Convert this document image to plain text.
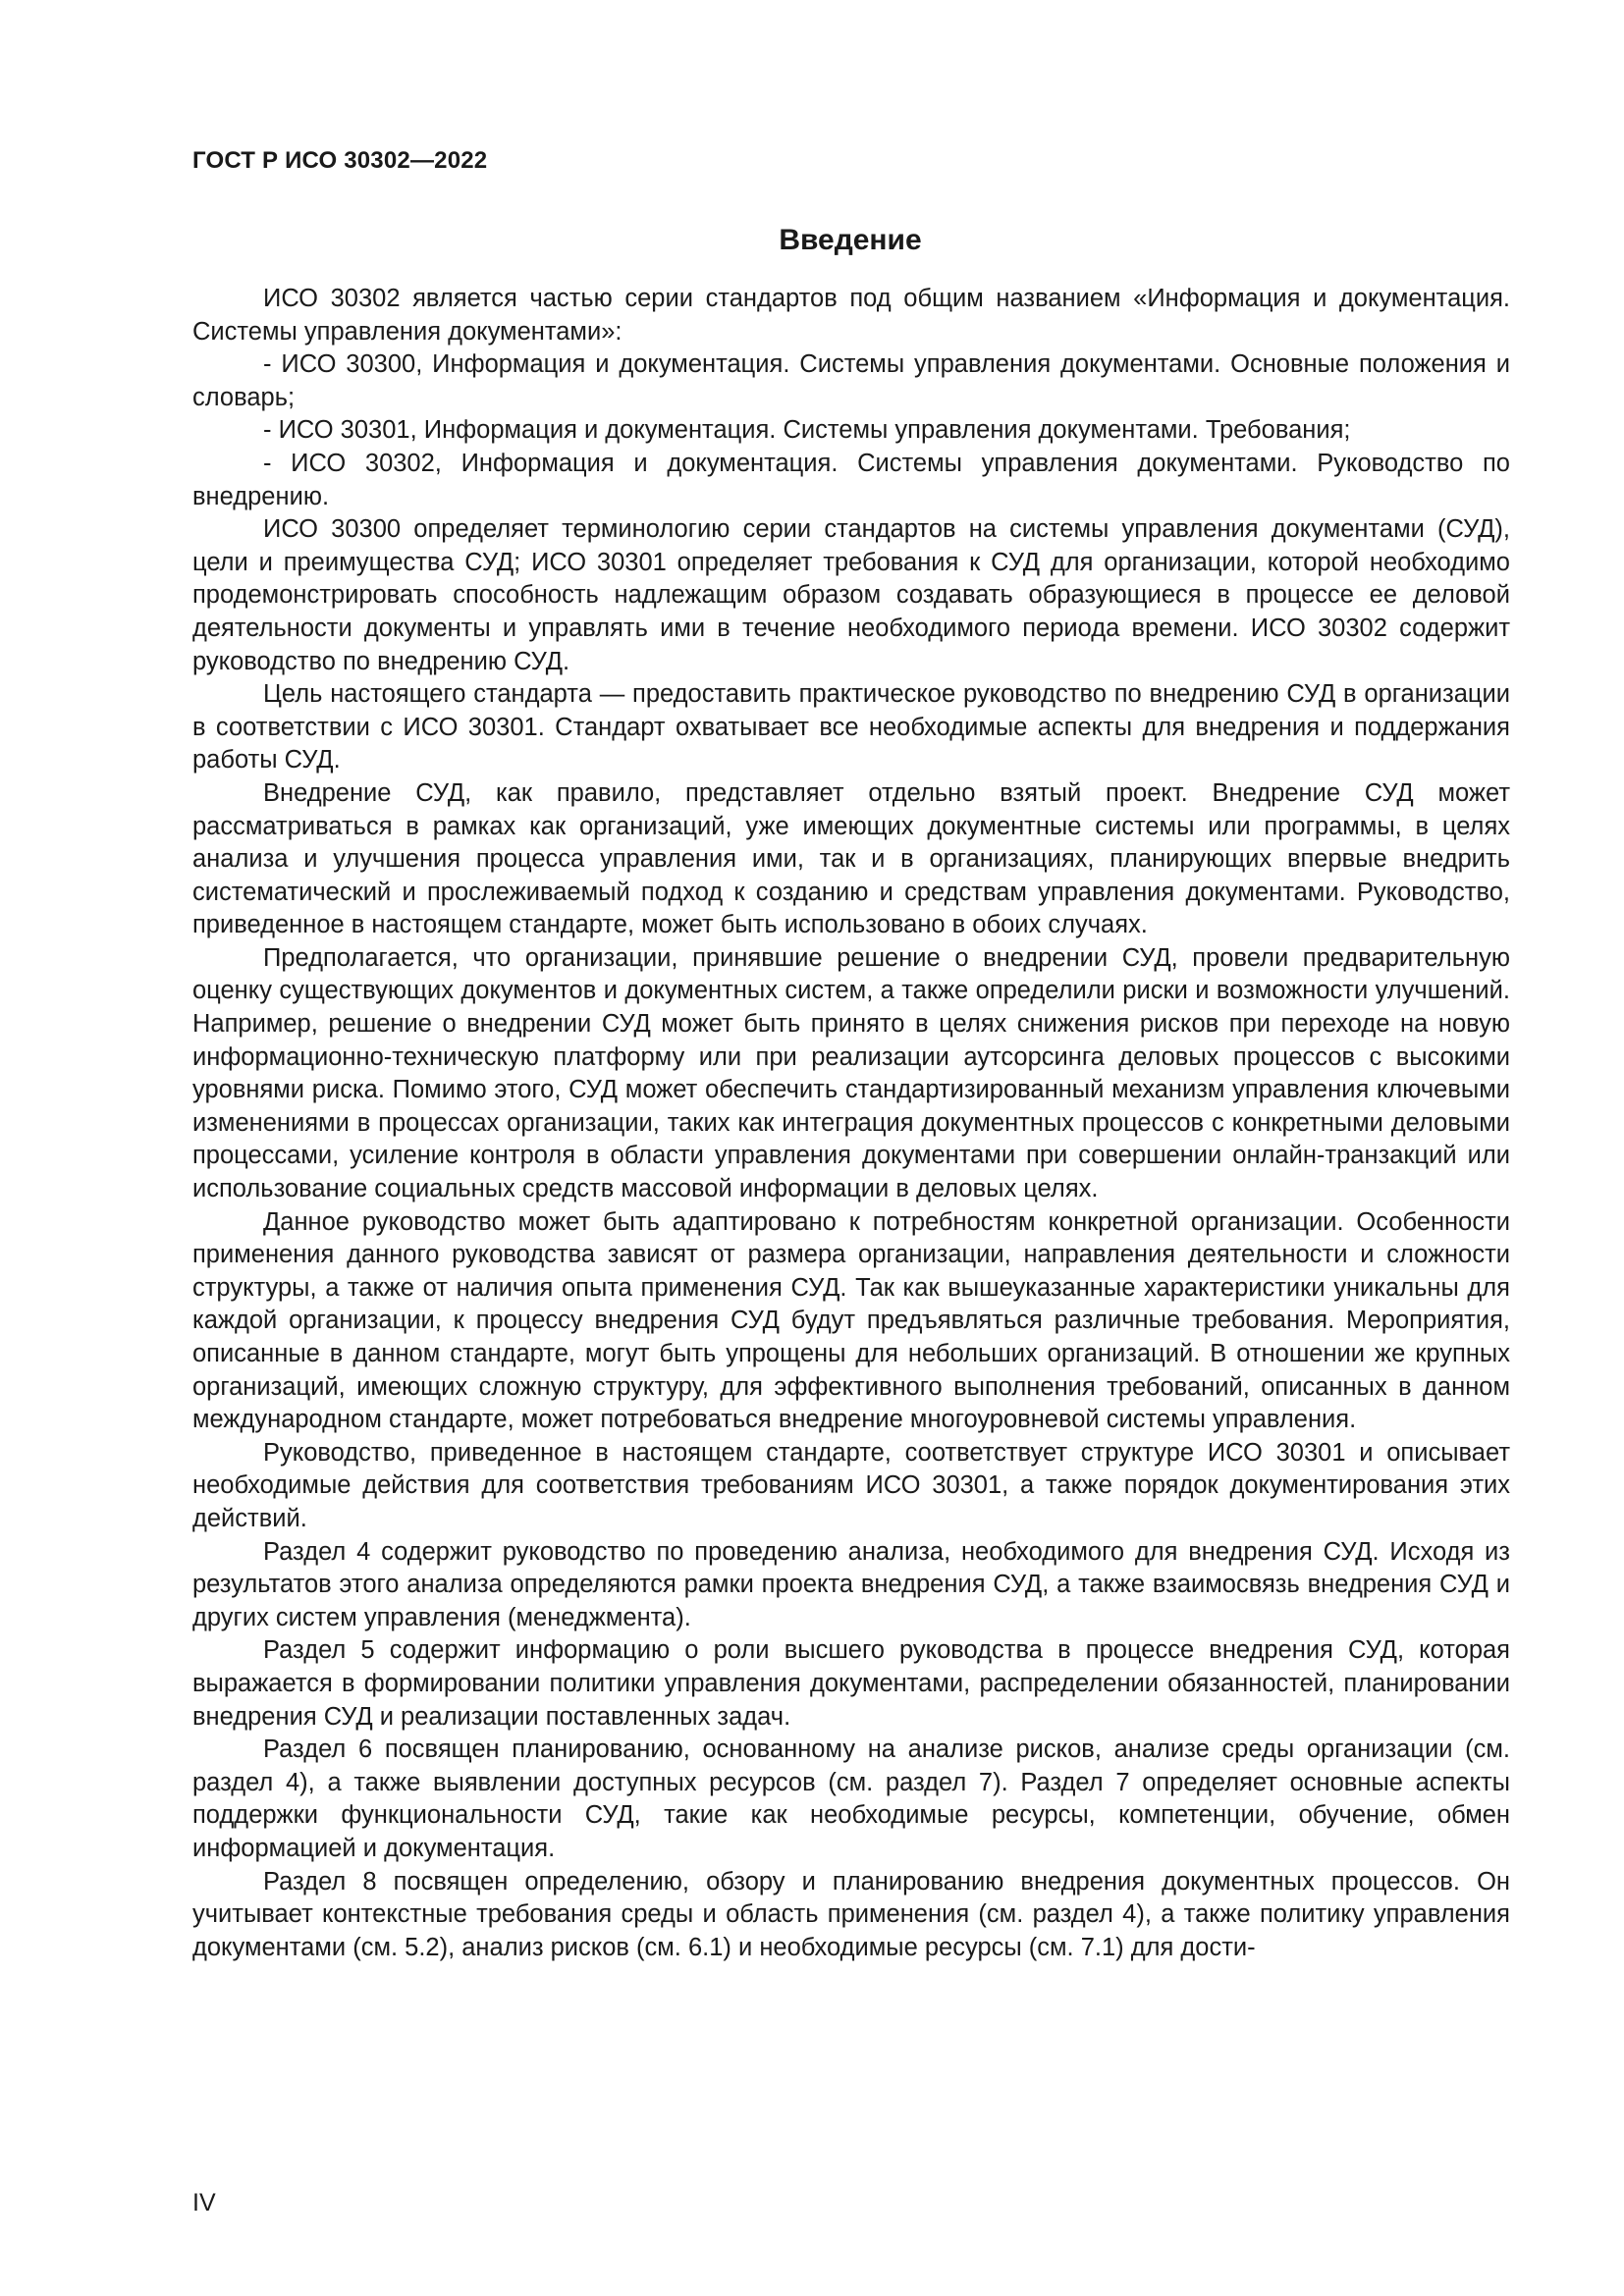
ГОСТ Р ИСО 30302—2022
Введение

ИСО 30302 является частью серии стандартов под общим названием «Информация и документация. Системы управления документами»:

- ИСО 30300, Информация и документация. Системы управления документами. Основные положения и словарь;

- ИСО 30301, Информация и документация. Системы управления документами. Требования;

- ИСО 30302, Информация и документация. Системы управления документами. Руководство по внедрению.

ИСО 30300 определяет терминологию серии стандартов на системы управления документами (СУД), цели и преимущества СУД; ИСО 30301 определяет требования к СУД для организации, которой необходимо продемонстрировать способность надлежащим образом создавать образующиеся в процессе ее деловой деятельности документы и управлять ими в течение необходимого периода времени. ИСО 30302 содержит руководство по внедрению СУД.

Цель настоящего стандарта — предоставить практическое руководство по внедрению СУД в организации в соответствии с ИСО 30301. Стандарт охватывает все необходимые аспекты для внедрения и поддержания работы СУД.

Внедрение СУД, как правило, представляет отдельно взятый проект. Внедрение СУД может рассматриваться в рамках как организаций, уже имеющих документные системы или программы, в целях анализа и улучшения процесса управления ими, так и в организациях, планирующих впервые внедрить систематический и прослеживаемый подход к созданию и средствам управления документами. Руководство, приведенное в настоящем стандарте, может быть использовано в обоих случаях.

Предполагается, что организации, принявшие решение о внедрении СУД, провели предварительную оценку существующих документов и документных систем, а также определили риски и возможности улучшений. Например, решение о внедрении СУД может быть принято в целях снижения рисков при переходе на новую информационно-техническую платформу или при реализации аутсорсинга деловых процессов с высокими уровнями риска. Помимо этого, СУД может обеспечить стандартизированный механизм управления ключевыми изменениями в процессах организации, таких как интеграция документных процессов с конкретными деловыми процессами, усиление контроля в области управления документами при совершении онлайн-транзакций или использование социальных средств массовой информации в деловых целях.

Данное руководство может быть адаптировано к потребностям конкретной организации. Особенности применения данного руководства зависят от размера организации, направления деятельности и сложности структуры, а также от наличия опыта применения СУД. Так как вышеуказанные характеристики уникальны для каждой организации, к процессу внедрения СУД будут предъявляться различные требования. Мероприятия, описанные в данном стандарте, могут быть упрощены для небольших организаций. В отношении же крупных организаций, имеющих сложную структуру, для эффективного выполнения требований, описанных в данном международном стандарте, может потребоваться внедрение многоуровневой системы управления.

Руководство, приведенное в настоящем стандарте, соответствует структуре ИСО 30301 и описывает необходимые действия для соответствия требованиям ИСО 30301, а также порядок документирования этих действий.

Раздел 4 содержит руководство по проведению анализа, необходимого для внедрения СУД. Исходя из результатов этого анализа определяются рамки проекта внедрения СУД, а также взаимосвязь внедрения СУД и других систем управления (менеджмента).

Раздел 5 содержит информацию о роли высшего руководства в процессе внедрения СУД, которая выражается в формировании политики управления документами, распределении обязанностей, планировании внедрения СУД и реализации поставленных задач.

Раздел 6 посвящен планированию, основанному на анализе рисков, анализе среды организации (см. раздел 4), а также выявлении доступных ресурсов (см. раздел 7). Раздел 7 определяет основные аспекты поддержки функциональности СУД, такие как необходимые ресурсы, компетенции, обучение, обмен информацией и документация.

Раздел 8 посвящен определению, обзору и планированию внедрения документных процессов. Он учитывает контекстные требования среды и область применения (см. раздел 4), а также политику управления документами (см. 5.2), анализ рисков (см. 6.1) и необходимые ресурсы (см. 7.1) для дости-

IV
